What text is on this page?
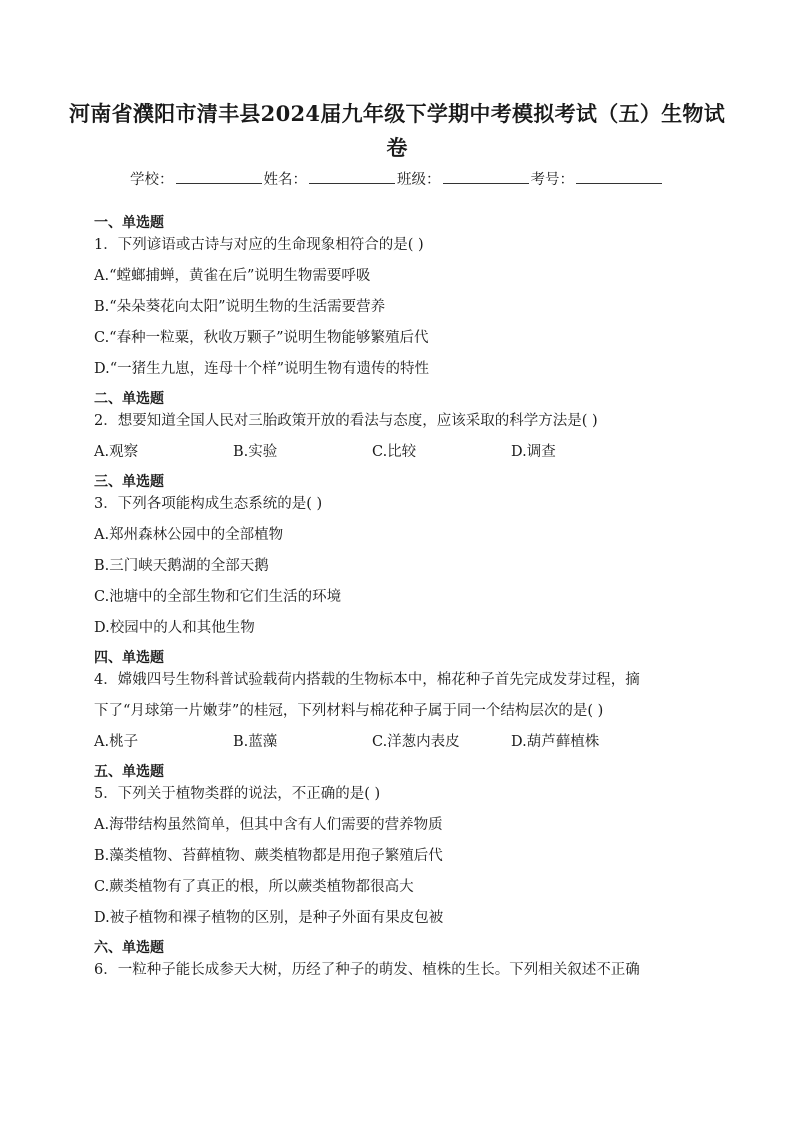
河南省濮阳市清丰县2024届九年级下学期中考模拟考试（五）生物试
卷
学校：	姓名：	班级：	考号：
一、单选题
1．下列谚语或古诗与对应的生命现象相符合的是( )
A.“螳螂捕蝉，黄雀在后”说明生物需要呼吸
B.“朵朵葵花向太阳”说明生物的生活需要营养
C.“春种一粒粟，秋收万颗子”说明生物能够繁殖后代
D.“一猪生九崽，连母十个样”说明生物有遗传的特性
二、单选题
2．想要知道全国人民对三胎政策开放的看法与态度，应该采取的科学方法是( )
A.观察	B.实验	C.比较	D.调查
三、单选题
3．下列各项能构成生态系统的是( )
A.郑州森林公园中的全部植物
B.三门峡天鹅湖的全部天鹅
C.池塘中的全部生物和它们生活的环境
D.校园中的人和其他生物
四、单选题
4．嫦娥四号生物科普试验载荷内搭载的生物标本中，棉花种子首先完成发芽过程，摘
下了“月球第一片嫩芽”的桂冠，下列材料与棉花种子属于同一个结构层次的是( )
A.桃子	B.蓝藻	C.洋葱内表皮	D.葫芦藓植株
五、单选题
5．下列关于植物类群的说法，不正确的是( )
A.海带结构虽然简单，但其中含有人们需要的营养物质
B.藻类植物、苔藓植物、蕨类植物都是用孢子繁殖后代
C.蕨类植物有了真正的根，所以蕨类植物都很高大
D.被子植物和裸子植物的区别，是种子外面有果皮包被
六、单选题
6．一粒种子能长成参天大树，历经了种子的萌发、植株的生长。下列相关叙述不正确
